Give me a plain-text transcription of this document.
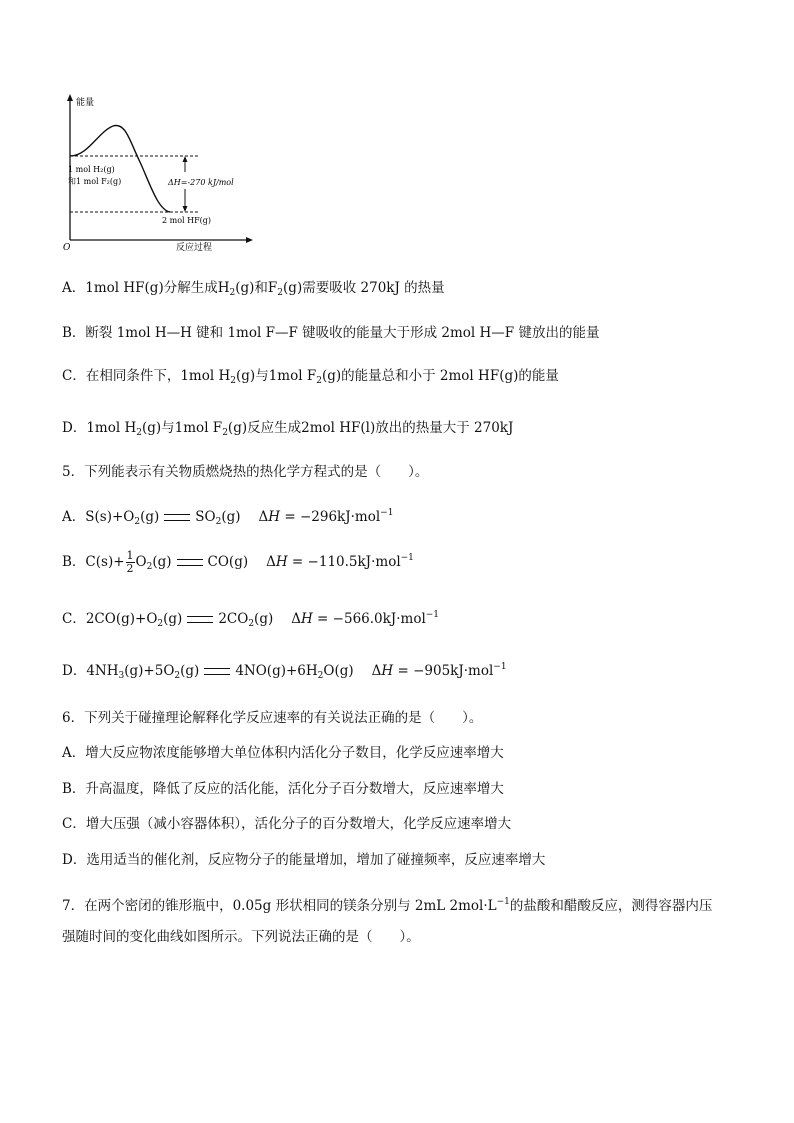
能量
1 mol H₂(g)
和1 mol F₂(g)	ΔH=-270 kJ/mol
2 mol HF(g)
O	反应过程
A．1mol HF(g)分解生成$H_2(g)$和$F_2(g)$需要吸收 270kJ 的热量
B．断裂 1mol H—H 键和 1mol F—F 键吸收的能量大于形成 2mol H—F 键放出的能量
C．在相同条件下，1mol $H_2(g)$与1mol $F_2(g)$的能量总和小于 2mol HF(g)的能量
D．1mol $H_2(g)$与1mol $F_2(g)$反应生成2mol HF(l)放出的热量大于 270kJ
5．下列能表示有关物质燃烧热的热化学方程式的是（　　）。
A．$S(s)+O_2(g)$	$SO_2(g) \Delta H = -296kJ\cdot mol^{-1}$
B．$C(s)+ \frac{1}{2} O_2(g)$	CO(g) ΔH = −110.5kJ·mol$^{-1}$
C．$2CO(g)+O_2(g)$	$2CO_2(g) \Delta H = -566.0kJ\cdot mol^{-1}$
D．$4NH_3(g)+5O_2(g)$	$4NO(g)+6H_2O(g) \Delta H = -905kJ\cdot mol^{-1}$
6．下列关于碰撞理论解释化学反应速率的有关说法正确的是（　　）。
A．增大反应物浓度能够增大单位体积内活化分子数目，化学反应速率增大
B．升高温度，降低了反应的活化能，活化分子百分数增大，反应速率增大
C．增大压强（减小容器体积），活化分子的百分数增大，化学反应速率增大
D．选用适当的催化剂，反应物分子的能量增加，增加了碰撞频率，反应速率增大
7．在两个密闭的锥形瓶中，0.05g 形状相同的镁条分别与 2mL $2mol\cdot L^{-1}$的盐酸和醋酸反应，测得容器内压
强随时间的变化曲线如图所示。下列说法正确的是（　　）。
